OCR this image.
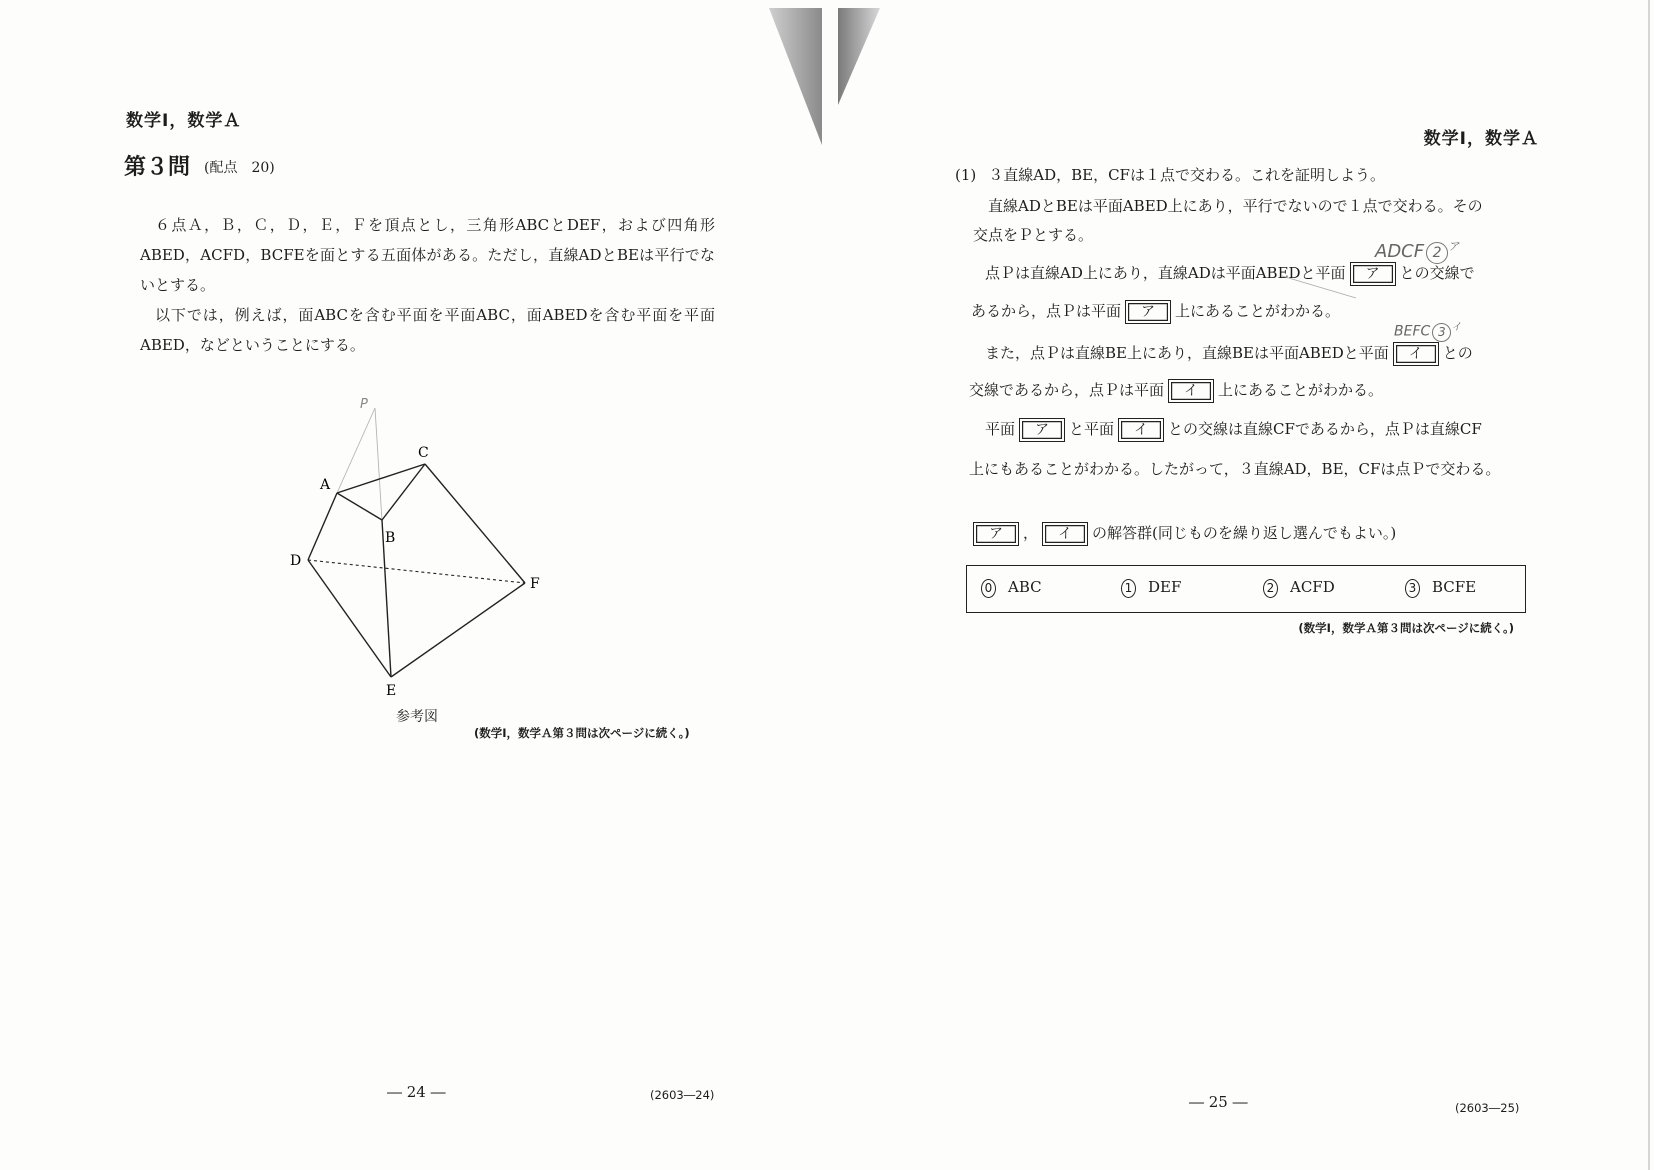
数学Ⅰ，数学Ａ
第３問 (配点　20)
６点Ａ，Ｂ，Ｃ，Ｄ，Ｅ，Ｆを頂点とし，三角形ABCとDEF，および四角形ABED，ACFD，BCFEを面とする五面体がある。ただし，直線ADとBEは平行でないとする。
以下では，例えば，面ABCを含む平面を平面ABC，面ABEDを含む平面を平面ABED，などということにする。
A
B
C
D
E
F
P
参考図
(数学Ⅰ，数学Ａ第３問は次ページに続く。)
― 24 ―	(2603―24)
数学Ⅰ，数学Ａ
(1) ３直線AD，BE，CFは１点で交わる。これを証明しよう。
直線ADとBEは平面ABED上にあり，平行でないので１点で交わる。その
交点をＰとする。
点Ｐは直線AD上にあり，直線ADは平面ABEDと平面 ア との交線で
あるから，点Ｐは平面 ア 上にあることがわかる。
また，点Ｐは直線BE上にあり，直線BEは平面ABEDと平面 イ との
交線であるから，点Ｐは平面 イ 上にあることがわかる。
平面 ア と平面 イ との交線は直線CFであるから，点Ｐは直線CF
上にもあることがわかる。したがって，３直線AD，BE，CFは点Ｐで交わる。
ア ， イ の解答群(同じものを繰り返し選んでもよい。)
0 ABC	1 DEF	2 ACFD	3 BCFE
(数学Ⅰ，数学Ａ第３問は次ページに続く。)
ADCF 2 $^ア$
BEFC 3 $^イ$
― 25 ―	(2603―25)
